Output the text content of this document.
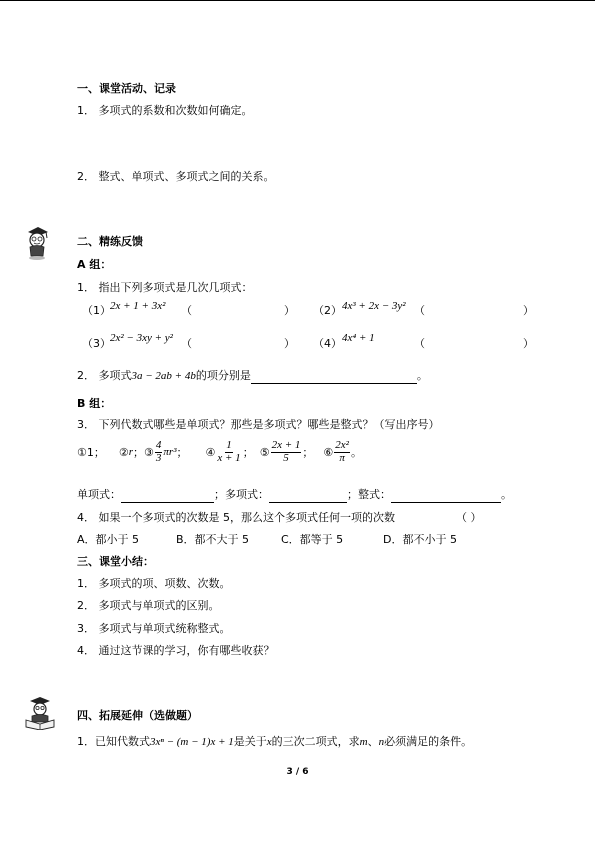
一、课堂活动、记录
1． 多项式的系数和次数如何确定。
2． 整式、单项式、多项式之间的关系。
二、精练反馈
A 组：
1． 指出下列多项式是几次几项式：
（1） 2x + 1 + 3x² （	） （2） 4x³ + 2x − 3y² （	）
（3） 2x² − 3xy + y² （	） （4） 4x⁴ + 1	（	）
2． 多项式3a − 2ab + 4b的项分别是	。
B 组：
3． 下列代数式哪些是单项式？那些是多项式？哪些是整式？（写出序号）
①1； ② r ； ③ $\frac{4}{3} \pi r^3$ ； ④ $\frac{1}{x + 1}$ ； ⑤ $\frac{2x + 1}{5}$ ； ⑥ $\frac{\text{2x²}}{\pi}$ 。
单项式：	；多项式：	；整式：	。
4． 如果一个多项式的次数是 5，那么这个多项式任何一项的次数	（ ）
A．都小于 5	B．都不大于 5	C．都等于 5	D．都不小于 5
三、课堂小结：
1． 多项式的项、项数、次数。
2． 多项式与单项式的区别。
3． 多项式与单项式统称整式。
4． 通过这节课的学习，你有哪些收获？
四、拓展延伸（选做题）
1．已知代数式3xⁿ − (m − 1)x + 1是关于x的三次二项式，求m、n必须满足的条件。
3 / 6
